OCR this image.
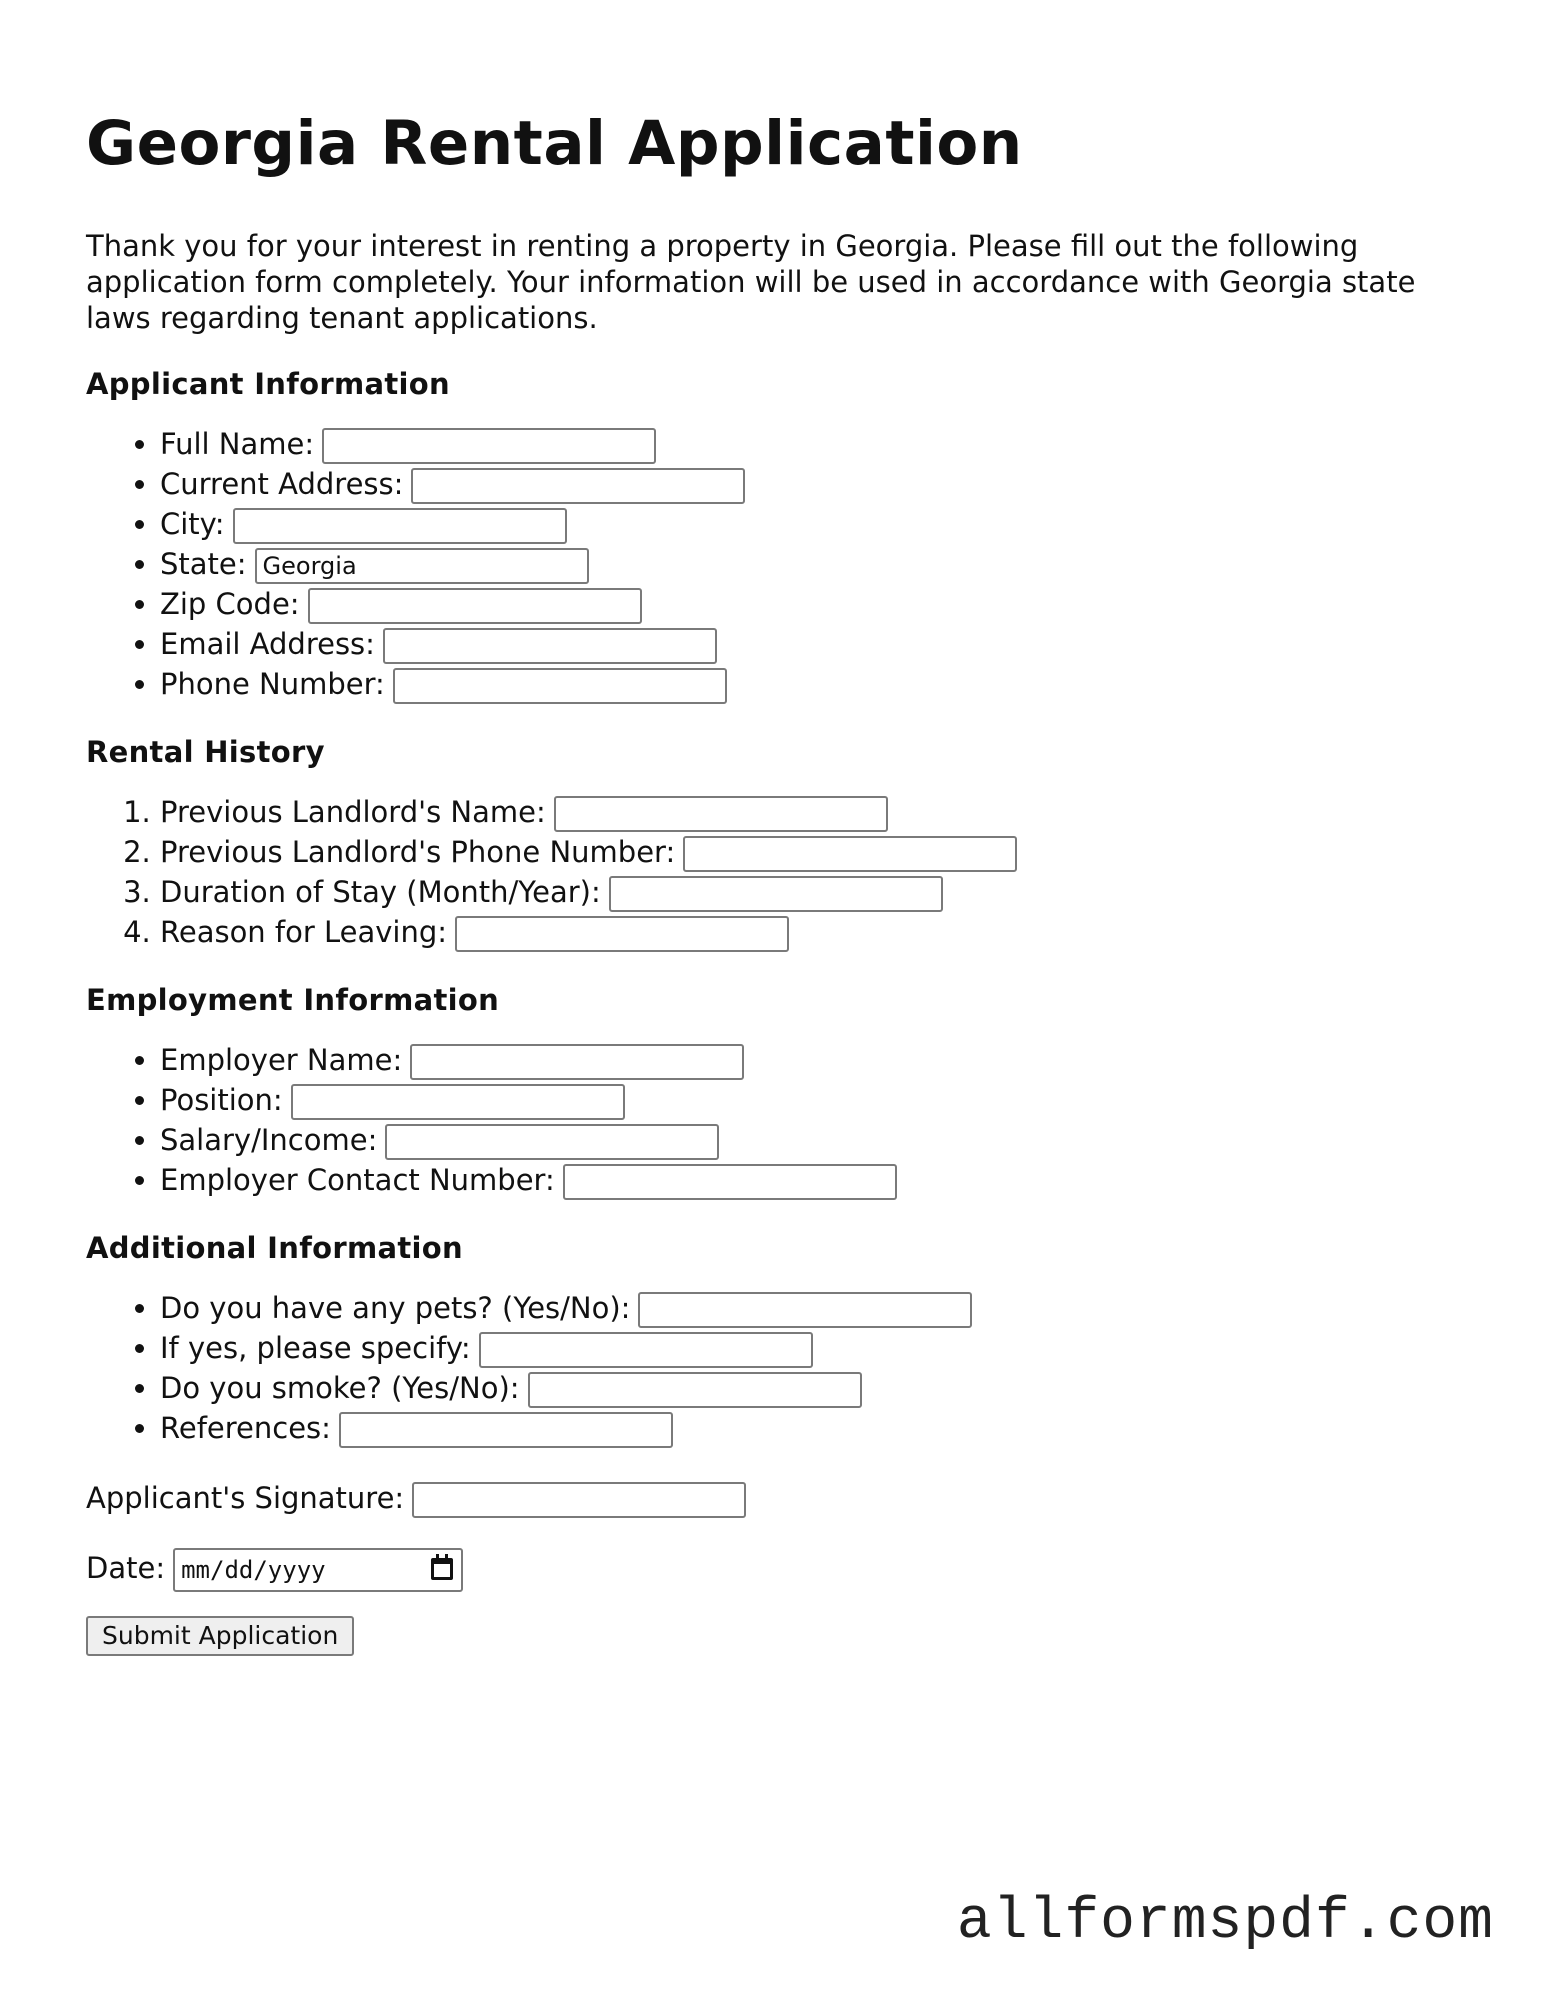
Georgia Rental Application

Thank you for your interest in renting a property in Georgia. Please fill out the following application form completely. Your information will be used in accordance with Georgia state laws regarding tenant applications.

Applicant Information
• Full Name:
• Current Address:
• City:
• State:Georgia
• Zip Code:
• Email Address:
• Phone Number:
Rental History
1. Previous Landlord's Name:
2. Previous Landlord's Phone Number:
3. Duration of Stay (Month/Year):
4. Reason for Leaving:
Employment Information
• Employer Name:
• Position:
• Salary/Income:
• Employer Contact Number:
Additional Information
• Do you have any pets? (Yes/No):
• If yes, please specify:
• Do you smoke? (Yes/No):
• References:
Applicant's Signature:
Date: mm/dd/yyyy
Submit Application
allformspdf.com
